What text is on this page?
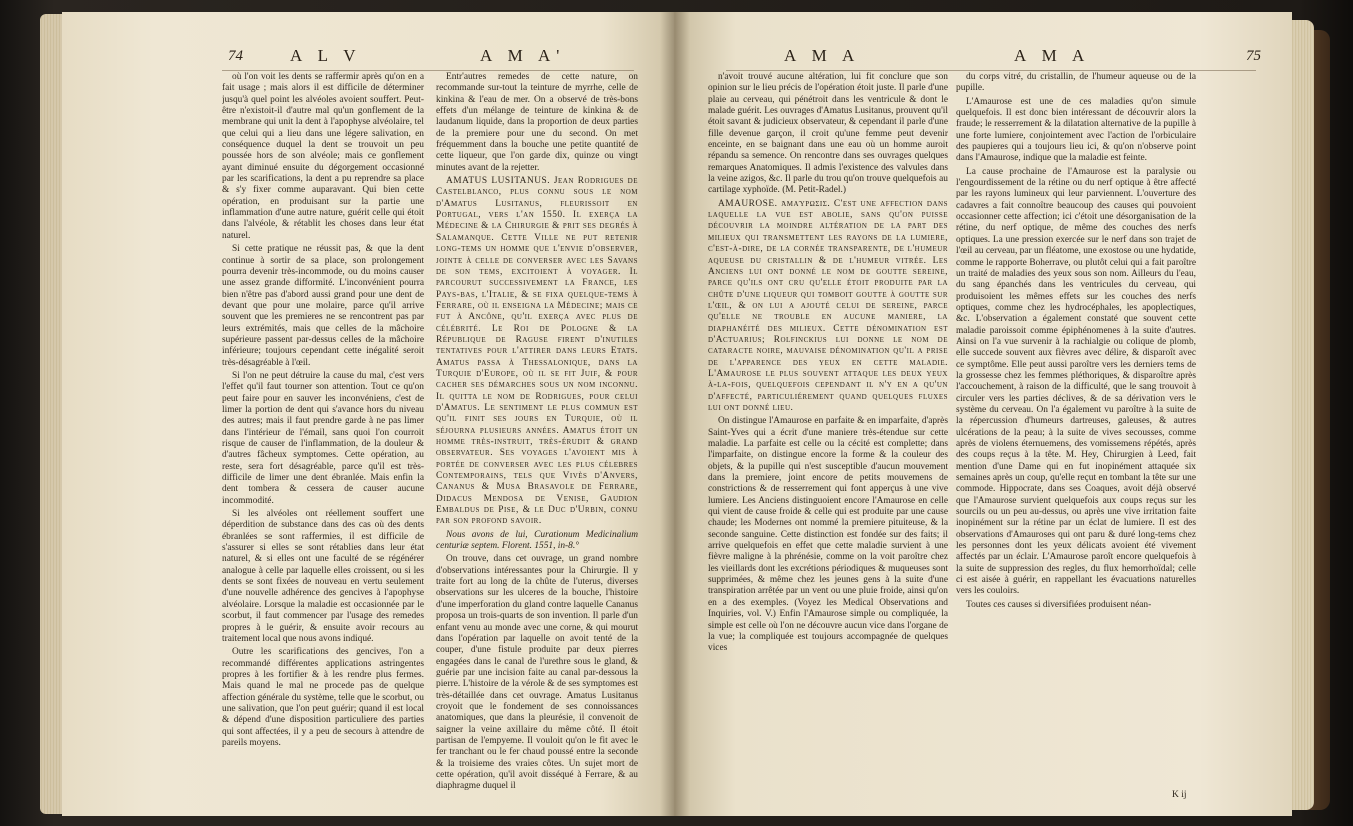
74	A L V	A M A'

où l'on voit les dents se raffermir après qu'on en a fait usage ; mais alors il est difficile de déterminer jusqu'à quel point les alvéoles avoient souffert. Peut-être n'existoit-il d'autre mal qu'un gonflement de la membrane qui unit la dent à l'apophyse alvéolaire, tel que celui qui a lieu dans une légere salivation, en conséquence duquel la dent se trouvoit un peu poussée hors de son alvéole; mais ce gonflement ayant diminué ensuite du dégorgement occasionné par les scarifications, la dent a pu reprendre sa place & s'y fixer comme auparavant. Qui bien cette opération, en produisant sur la partie une inflammation d'une autre nature, guérit celle qui étoit dans l'alvéole, & rétablit les choses dans leur état naturel.

Si cette pratique ne réussit pas, & que la dent continue à sortir de sa place, son prolongement pourra devenir très-incommode, ou du moins causer une assez grande difformité. L'inconvénient pourra bien n'être pas d'abord aussi grand pour une dent de devant que pour une molaire, parce qu'il arrive souvent que les premieres ne se rencontrent pas par leurs extrémités, mais que celles de la mâchoire supérieure passent par-dessus celles de la mâchoire inférieure; toujours cependant cette inégalité seroit très-désagréable à l'œil.

Si l'on ne peut détruire la cause du mal, c'est vers l'effet qu'il faut tourner son attention. Tout ce qu'on peut faire pour en sauver les inconvéniens, c'est de limer la portion de dent qui s'avance hors du niveau des autres; mais il faut prendre garde à ne pas limer dans l'intérieur de l'émail, sans quoi l'on courroit risque de causer de l'inflammation, de la douleur & d'autres fâcheux symptomes. Cette opération, au reste, sera fort désagréable, parce qu'il est très-difficile de limer une dent ébranlée. Mais enfin la dent tombera & cessera de causer aucune incommodité.

Si les alvéoles ont réellement souffert une déperdition de substance dans des cas où des dents ébranlées se sont raffermies, il est difficile de s'assurer si elles se sont rétablies dans leur état naturel, & si elles ont une faculté de se régénérer analogue à celle par laquelle elles croissent, ou si les dents se sont fixées de nouveau en vertu seulement d'une nouvelle adhérence des gencives à l'apophyse alvéolaire. Lorsque la maladie est occasionnée par le scorbut, il faut commencer par l'usage des remedes propres à le guérir, & ensuite avoir recours au traitement local que nous avons indiqué.

Outre les scarifications des gencives, l'on a recommandé différentes applications astringentes propres à les fortifier & à les rendre plus fermes. Mais quand le mal ne procede pas de quelque affection générale du système, telle que le scorbut, ou une salivation, que l'on peut guérir; quand il est local & dépend d'une disposition particuliere des parties qui sont affectées, il y a peu de secours à attendre de pareils moyens.

Entr'autres remedes de cette nature, on recommande sur-tout la teinture de myrrhe, celle de kinkina & l'eau de mer. On a observé de très-bons effets d'un mélange de teinture de kinkina & de laudanum liquide, dans la proportion de deux parties de la premiere pour une du second. On met fréquemment dans la bouche une petite quantité de cette liqueur, que l'on garde dix, quinze ou vingt minutes avant de la rejetter.

AMATUS LUSITANUS. Jean Rodrigues de Castelblanco, plus connu sous le nom d'Amatus Lusitanus, fleurissoit en Portugal, vers l'an 1550. Il exerça la Médecine & la Chirurgie & prit ses degrés à Salamanque. Cette Ville ne put retenir long-tems un homme que l'envie d'observer, jointe à celle de converser avec les Savans de son tems, excitoient à voyager. Il parcourut successivement la France, les Pays-bas, l'Italie, & se fixa quelque-tems à Ferrare, où il enseigna la Médecine; mais ce fut à Ancône, qu'il exerça avec plus de célébrité. Le Roi de Pologne & la République de Raguse firent d'inutiles tentatives pour l'attirer dans leurs Etats. Amatus passa à Thessalonique, dans la Turquie d'Europe, où il se fit Juif, & pour cacher ses démarches sous un nom inconnu. Il quitta le nom de Rodrigues, pour celui d'Amatus. Le sentiment le plus commun est qu'il finit ses jours en Turquie, où il séjourna plusieurs années. Amatus étoit un homme très-instruit, très-érudit & grand observateur. Ses voyages l'avoient mis à portée de converser avec les plus célebres Contemporains, tels que Vivès d'Anvers, Cananus & Musa Brasavole de Ferrare, Didacus Mendosa de Venise, Gaudion Embaldus de Pise, & le Duc d'Urbin, connu par son profond savoir.

Nous avons de lui, Curationum Medicinalium centuriæ septem. Florent. 1551, in-8.°

On trouve, dans cet ouvrage, un grand nombre d'observations intéressantes pour la Chirurgie. Il y traite fort au long de la chûte de l'uterus, diverses observations sur les ulceres de la bouche, l'histoire d'une imperforation du gland contre laquelle Cananus proposa un trois-quarts de son invention. Il parle d'un enfant venu au monde avec une corne, & qui mourut dans l'opération par laquelle on avoit tenté de la couper, d'une fistule produite par deux pierres engagées dans le canal de l'urethre sous le gland, & guérie par une incision faite au canal par-dessous la pierre. L'histoire de la vérole & de ses symptomes est très-détaillée dans cet ouvrage. Amatus Lusitanus croyoit que le fondement de ses connoissances anatomiques, que dans la pleurésie, il convenoit de saigner la veine axillaire du même côté. Il étoit partisan de l'empyeme. Il vouloit qu'on le fit avec le fer tranchant ou le fer chaud poussé entre la seconde & la troisieme des vraies côtes. Un sujet mort de cette opération, qu'il avoit disséqué à Ferrare, & au diaphragme duquel il

A M A	A M A	75

n'avoit trouvé aucune altération, lui fit conclure que son opinion sur le lieu précis de l'opération étoit juste. Il parle d'une plaie au cerveau, qui pénétroit dans les ventricule & dont le malade guérit. Les ouvrages d'Amatus Lusitanus, prouvent qu'il étoit savant & judicieux observateur, & cependant il parle d'une fille devenue garçon, il croit qu'une femme peut devenir enceinte, en se baignant dans une eau où un homme auroit répandu sa semence. On rencontre dans ses ouvrages quelques remarques Anatomiques. Il admis l'existence des valvules dans la veine azigos, &c. Il parle du trou qu'on trouve quelquefois au cartilage xyphoïde. (M. Petit-Radel.)

AMAUROSE. ἀμαύρωσις. C'est une affection dans laquelle la vue est abolie, sans qu'on puisse découvrir la moindre altération de la part des milieux qui transmettent les rayons de la lumiere, c'est-à-dire, de la cornée transparente, de l'humeur aqueuse du cristallin & de l'humeur vitrée. Les Anciens lui ont donné le nom de goutte sereine, parce qu'ils ont cru qu'elle étoit produite par la chûte d'une liqueur qui tomboit goutte à goutte sur l'œil, & on lui a ajouté celui de sereine, parce qu'elle ne trouble en aucune maniere, la diaphanéité des milieux. Cette dénomination est d'Actuarius; Rolfinckius lui donne le nom de cataracte noire, mauvaise dénomination qu'il a prise de l'apparence des yeux en cette maladie. L'Amaurose le plus souvent attaque les deux yeux à-la-fois, quelquefois cependant il n'y en a qu'un d'affecté, particuliérement quand quelques fluxes lui ont donné lieu.

On distingue l'Amaurose en parfaite & en imparfaite, d'après Saint-Yves qui a écrit d'une maniere très-étendue sur cette maladie. La parfaite est celle ou la cécité est complette; dans l'imparfaite, on distingue encore la forme & la couleur des objets, & la pupille qui n'est susceptible d'aucun mouvement dans la premiere, joint encore de petits mouvemens de constrictions & de resserrement qui font apperçus à une vive lumiere. Les Anciens distinguoient encore l'Amaurose en celle qui vient de cause froide & celle qui est produite par une cause chaude; les Modernes ont nommé la premiere pituiteuse, & la seconde sanguine. Cette distinction est fondée sur des faits; il arrive quelquefois en effet que cette maladie survient à une fièvre maligne à la phrénésie, comme on la voit paroître chez les vieillards dont les excrétions périodiques & muqueuses sont supprimées, & même chez les jeunes gens à la suite d'une transpiration arrêtée par un vent ou une pluie froide, ainsi qu'on en a des exemples. (Voyez les Medical Observations and Inquiries, vol. V.) Enfin l'Amaurose simple ou compliquée, la simple est celle où l'on ne découvre aucun vice dans l'organe de la vue; la compliquée est toujours accompagnée de quelques vices

du corps vitré, du cristallin, de l'humeur aqueuse ou de la pupille.

L'Amaurose est une de ces maladies qu'on simule quelquefois. Il est donc bien intéressant de découvrir alors la fraude; le resserrement & la dilatation alternative de la pupille à une forte lumiere, conjointement avec l'action de l'orbiculaire des paupieres qui a toujours lieu ici, & qu'on n'observe point dans l'Amaurose, indique que la maladie est feinte.

La cause prochaine de l'Amaurose est la paralysie ou l'engourdissement de la rétine ou du nerf optique à être affecté par les rayons lumineux qui leur parviennent. L'ouverture des cadavres a fait connoître beaucoup des causes qui pouvoient occasionner cette affection; ici c'étoit une désorganisation de la rétine, du nerf optique, de même des couches des nerfs optiques. La une pression exercée sur le nerf dans son trajet de l'œil au cerveau, par un fléatome, une exostose ou une hydatide, comme le rapporte Boherrave, ou plutôt celui qui a fait paroître un traité de maladies des yeux sous son nom. Ailleurs du l'eau, du sang épanchés dans les ventricules du cerveau, qui produisoient les mêmes effets sur les couches des nerfs optiques, comme chez les hydrocéphales, les apoplectiques, &c. L'observation a également constaté que souvent cette maladie paroissoit comme épiphénomenes à la suite d'autres. Ainsi on l'a vue survenir à la rachialgie ou colique de plomb, elle succede souvent aux fièvres avec délire, & disparoît avec ce symptôme. Elle peut aussi paroître vers les derniers tems de la grossesse chez les femmes pléthoriques, & disparoître après l'accouchement, à raison de la difficulté, que le sang trouvoit à circuler vers les parties déclives, & de sa dérivation vers le système du cerveau. On l'a également vu paroître à la suite de la répercussion d'humeurs dartreuses, galeuses, & autres ulcérations de la peau; à la suite de vives secousses, comme après de violens éternuemens, des vomissemens répétés, après des coups reçus à la tête. M. Hey, Chirurgien à Leed, fait mention d'une Dame qui en fut inopinément attaquée six semaines après un coup, qu'elle reçut en tombant la tête sur une commode. Hippocrate, dans ses Coaques, avoit déjà observé que l'Amaurose survient quelquefois aux coups reçus sur les sourcils ou un peu au-dessus, ou après une vive irritation faite inopinément sur la rétine par un éclat de lumiere. Il est des observations d'Amauroses qui ont paru & duré long-tems chez les personnes dont les yeux délicats avoient été vivement affectés par un éclair. L'Amaurose paroît encore quelquefois à la suite de suppression des regles, du flux hemorrhoïdal; celle ci est aisée à guérir, en rappellant les évacuations naturelles vers les couloirs.

Toutes ces causes si diversifiées produisent néan-

K ij
